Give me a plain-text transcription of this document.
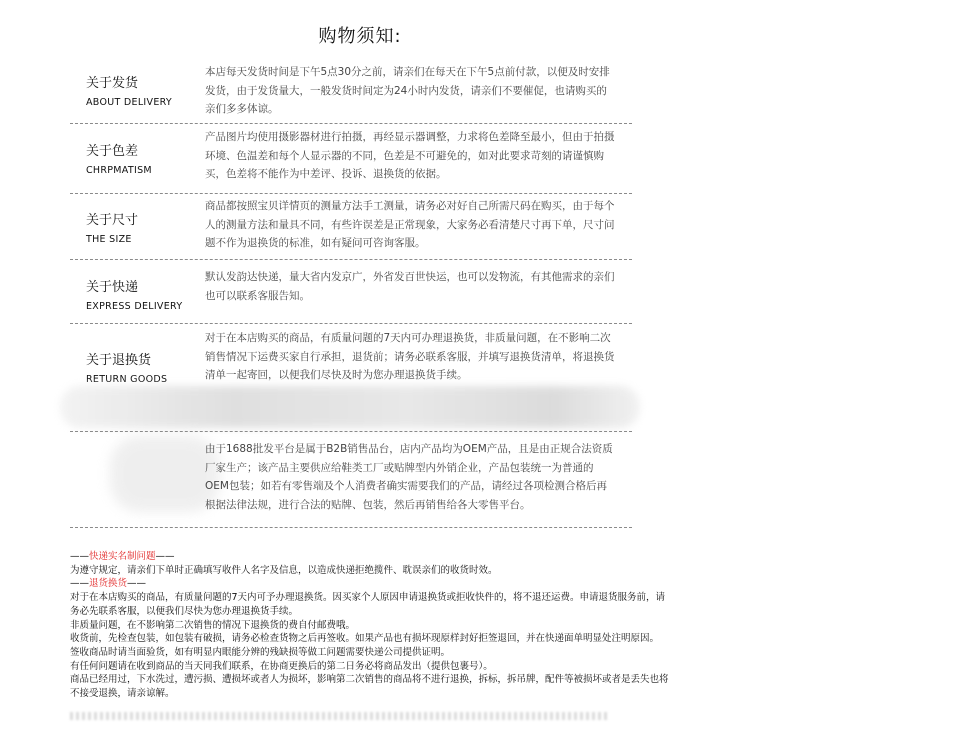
购物须知:
关于发货
ABOUT DELIVERY
本店每天发货时间是下午5点30分之前，请亲们在每天在下午5点前付款，以便及时安排发货，由于发货量大，一般发货时间定为24小时内发货，请亲们不要催促，也请购买的亲们多多体谅。
关于色差
CHRPMATISM
产品图片均使用摄影器材进行拍摄，再经显示器调整，力求将色差降至最小，但由于拍摄环境、色温差和每个人显示器的不同，色差是不可避免的，如对此要求苛刻的请谨慎购买，色差将不能作为中差评、投诉、退换货的依据。
关于尺寸
THE SIZE
商品都按照宝贝详情页的测量方法手工测量，请务必对好自己所需尺码在购买，由于每个人的测量方法和量具不同，有些许误差是正常现象，大家务必看清楚尺寸再下单，尺寸问题不作为退换货的标准，如有疑问可咨询客服。
关于快递
EXPRESS DELIVERY
默认发韵达快递，量大省内发京广，外省发百世快运，也可以发物流，有其他需求的亲们也可以联系客服告知。
关于退换货
RETURN GOODS
对于在本店购买的商品，有质量问题的7天内可办理退换货，非质量问题，在不影响二次销售情况下运费买家自行承担，退货前；请务必联系客服，并填写退换货清单，将退换货清单一起寄回，以便我们尽快及时为您办理退换货手续。
由于1688批发平台是属于B2B销售品台，店内产品均为OEM产品，且是由正规合法资质厂家生产；该产品主要供应给鞋类工厂或贴牌型内外销企业，产品包装统一为普通的OEM包装；如若有零售端及个人消费者确实需要我们的产品，请经过各项检测合格后再根据法律法规，进行合法的贴牌、包装，然后再销售给各大零售平台。

——快递实名制问题——

为遵守规定，请亲们下单时正确填写收件人名字及信息，以造成快递拒绝揽件、耽误亲们的收货时效。

——退货换货——

对于在本店购买的商品，有质量问题的7天内可予办理退换货。因买家个人原因申请退换货或拒收快件的，将不退还运费。申请退货服务前，请务必先联系客服，以便我们尽快为您办理退换货手续。

非质量问题，在不影响第二次销售的情况下退换货的费自付邮费哦。

收货前，先检查包装，如包装有破损，请务必检查货物之后再签收。如果产品也有损坏现原样封好拒签退回，并在快递面单明显处注明原因。

签收商品时请当面验货，如有明显内眼能分辨的残缺损等做工问题需要快递公司提供证明。

有任何问题请在收到商品的当天同我们联系，在协商更换后的第二日务必将商品发出（提供包裹号）。

商品已经用过，下水洗过，遭污损、遭损坏或者人为损坏，影响第二次销售的商品将不进行退换，拆标，拆吊牌，配件等被损坏或者是丢失也将不接受退换，请亲谅解。
